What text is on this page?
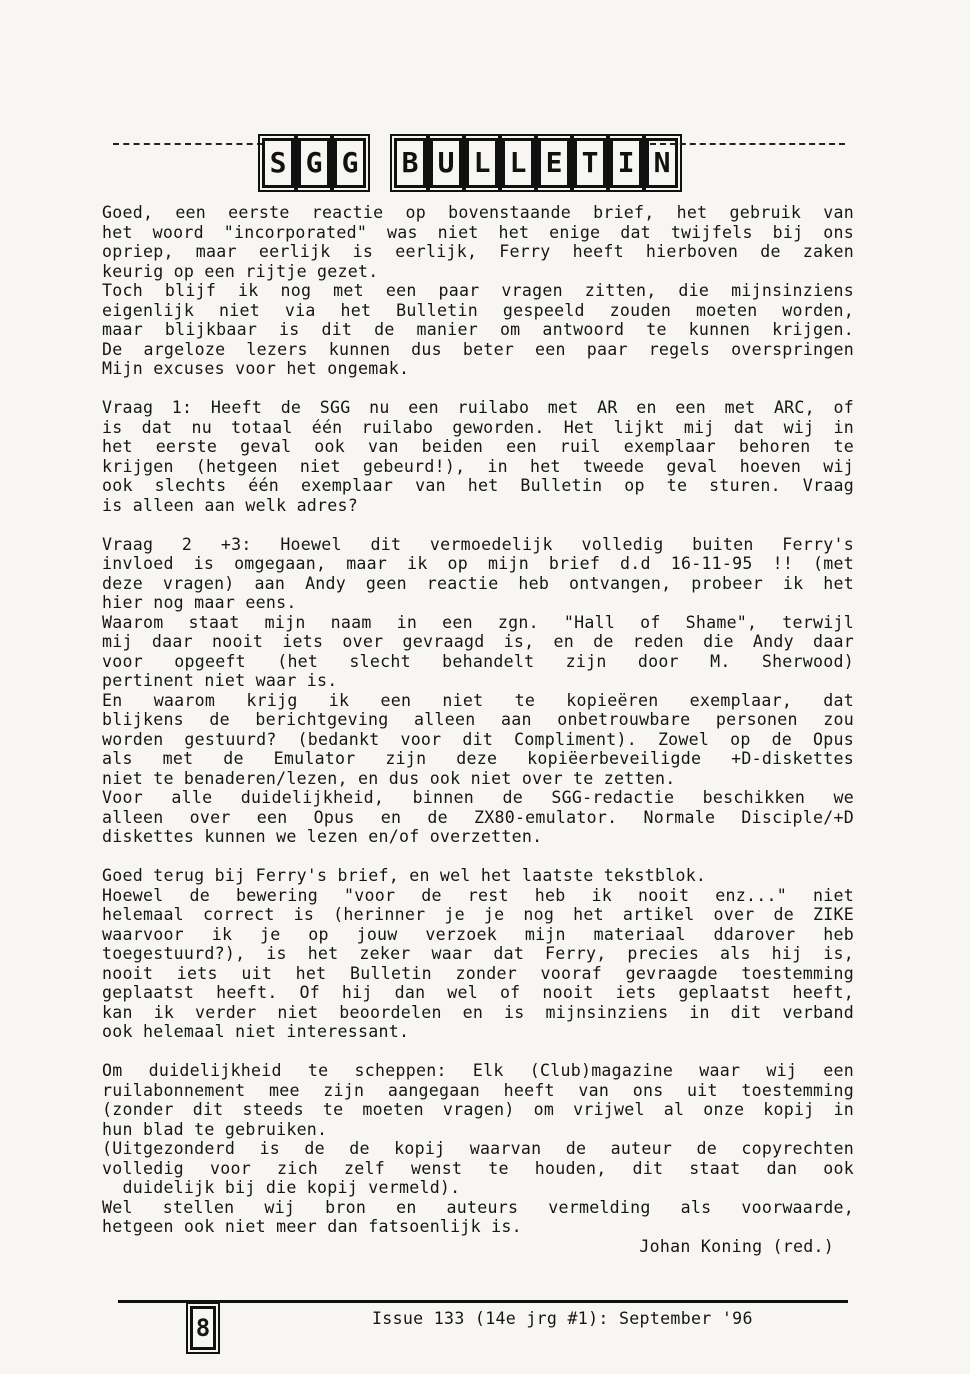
S G G B U L L E T I N
Goed, een eerste reactie op bovenstaande brief, het gebruik van
het woord "incorporated" was niet het enige dat twijfels bij ons
opriep, maar eerlijk is eerlijk, Ferry heeft hierboven de zaken
keurig op een rijtje gezet.
Toch blijf ik nog met een paar vragen zitten, die mijnsinziens
eigenlijk niet via het Bulletin gespeeld zouden moeten worden,
maar blijkbaar is dit de manier om antwoord te kunnen krijgen.
De argeloze lezers kunnen dus beter een paar regels overspringen
Mijn excuses voor het ongemak.
Vraag 1: Heeft de SGG nu een ruilabo met AR en een met ARC, of
is dat nu totaal één ruilabo geworden. Het lijkt mij dat wij in
het eerste geval ook van beiden een ruil exemplaar behoren te
krijgen (hetgeen niet gebeurd!), in het tweede geval hoeven wij
ook slechts één exemplaar van het Bulletin op te sturen. Vraag
is alleen aan welk adres?
Vraag 2 +3: Hoewel dit vermoedelijk volledig buiten Ferry's
invloed is omgegaan, maar ik op mijn brief d.d 16-11-95 !! (met
deze vragen) aan Andy geen reactie heb ontvangen, probeer ik het
hier nog maar eens.
Waarom staat mijn naam in een zgn. "Hall of Shame", terwijl
mij daar nooit iets over gevraagd is, en de reden die Andy daar
voor opgeeft (het slecht behandelt zijn door M. Sherwood)
pertinent niet waar is.
En waarom krijg ik een niet te kopieëren exemplaar, dat
blijkens de berichtgeving alleen aan onbetrouwbare personen zou
worden gestuurd? (bedankt voor dit Compliment). Zowel op de Opus
als met de Emulator zijn deze kopiëerbeveiligde +D-diskettes
niet te benaderen/lezen, en dus ook niet over te zetten.
Voor alle duidelijkheid, binnen de SGG-redactie beschikken we
alleen over een Opus en de ZX80-emulator. Normale Disciple/+D
diskettes kunnen we lezen en/of overzetten.
Goed terug bij Ferry's brief, en wel het laatste tekstblok.
Hoewel de bewering "voor de rest heb ik nooit enz..." niet
helemaal correct is (herinner je je nog het artikel over de ZIKE
waarvoor ik je op jouw verzoek mijn materiaal ddarover heb
toegestuurd?), is het zeker waar dat Ferry, precies als hij is,
nooit iets uit het Bulletin zonder vooraf gevraagde toestemming
geplaatst heeft. Of hij dan wel of nooit iets geplaatst heeft,
kan ik verder niet beoordelen en is mijnsinziens in dit verband
ook helemaal niet interessant.
Om duidelijkheid te scheppen: Elk (Club)magazine waar wij een
ruilabonnement mee zijn aangegaan heeft van ons uit toestemming
(zonder dit steeds te moeten vragen) om vrijwel al onze kopij in
hun blad te gebruiken.
(Uitgezonderd is de de kopij waarvan de auteur de copyrechten
volledig voor zich zelf wenst te houden, dit staat dan ook
duidelijk bij die kopij vermeld).
Wel stellen wij bron en auteurs vermelding als voorwaarde,
hetgeen ook niet meer dan fatsoenlijk is.
Johan Koning (red.)
8	Issue 133 (14e jrg #1): September '96
